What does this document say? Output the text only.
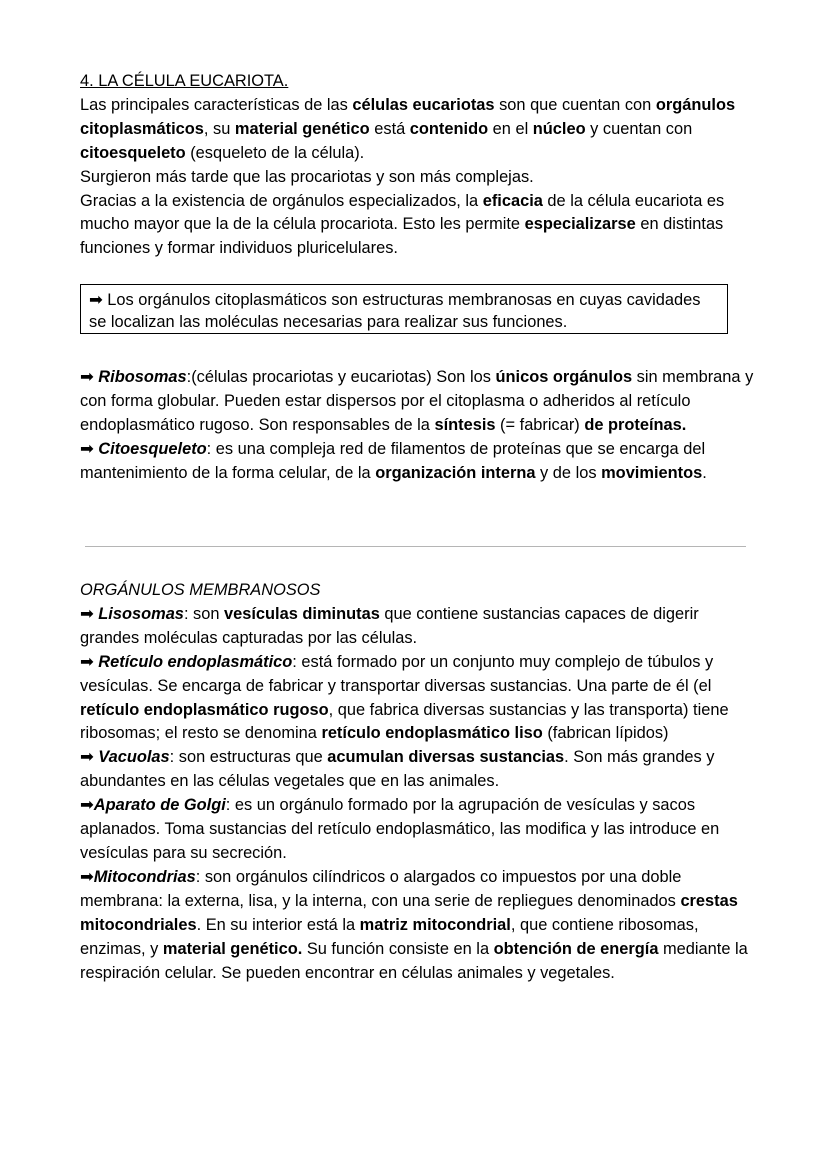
4. LA CÉLULA EUCARIOTA.

Las principales características de las células eucariotas son que cuentan con orgánulos citoplasmáticos, su material genético está contenido en el núcleo y cuentan con citoesqueleto (esqueleto de la célula).

Surgieron más tarde que las procariotas y son más complejas.

Gracias a la existencia de orgánulos especializados, la eficacia de la célula eucariota es mucho mayor que la de la célula procariota. Esto les permite especializarse en distintas funciones y formar individuos pluricelulares.

➡ Los orgánulos citoplasmáticos son estructuras membranosas en cuyas cavidades se localizan las moléculas necesarias para realizar sus funciones.

➡ Ribosomas:(células procariotas y eucariotas) Son los únicos orgánulos sin membrana y con forma globular. Pueden estar dispersos por el citoplasma o adheridos al retículo endoplasmático rugoso. Son responsables de la síntesis (= fabricar) de proteínas.

➡ Citoesqueleto: es una compleja red de filamentos de proteínas que se encarga del mantenimiento de la forma celular, de la organización interna y de los movimientos.

ORGÁNULOS MEMBRANOSOS

➡ Lisosomas: son vesículas diminutas que contiene sustancias capaces de digerir grandes moléculas capturadas por las células.

➡ Retículo endoplasmático: está formado por un conjunto muy complejo de túbulos y vesículas. Se encarga de fabricar y transportar diversas sustancias. Una parte de él (el retículo endoplasmático rugoso, que fabrica diversas sustancias y las transporta) tiene ribosomas; el resto se denomina retículo endoplasmático liso (fabrican lípidos)

➡ Vacuolas: son estructuras que acumulan diversas sustancias. Son más grandes y abundantes en las células vegetales que en las animales.

➡Aparato de Golgi: es un orgánulo formado por la agrupación de vesículas y sacos aplanados. Toma sustancias del retículo endoplasmático, las modifica y las introduce en vesículas para su secreción.

➡Mitocondrias: son orgánulos cilíndricos o alargados co impuestos por una doble membrana: la externa, lisa, y la interna, con una serie de repliegues denominados crestas mitocondriales. En su interior está la matriz mitocondrial, que contiene ribosomas, enzimas, y material genético. Su función consiste en la obtención de energía mediante la respiración celular. Se pueden encontrar en células animales y vegetales.
